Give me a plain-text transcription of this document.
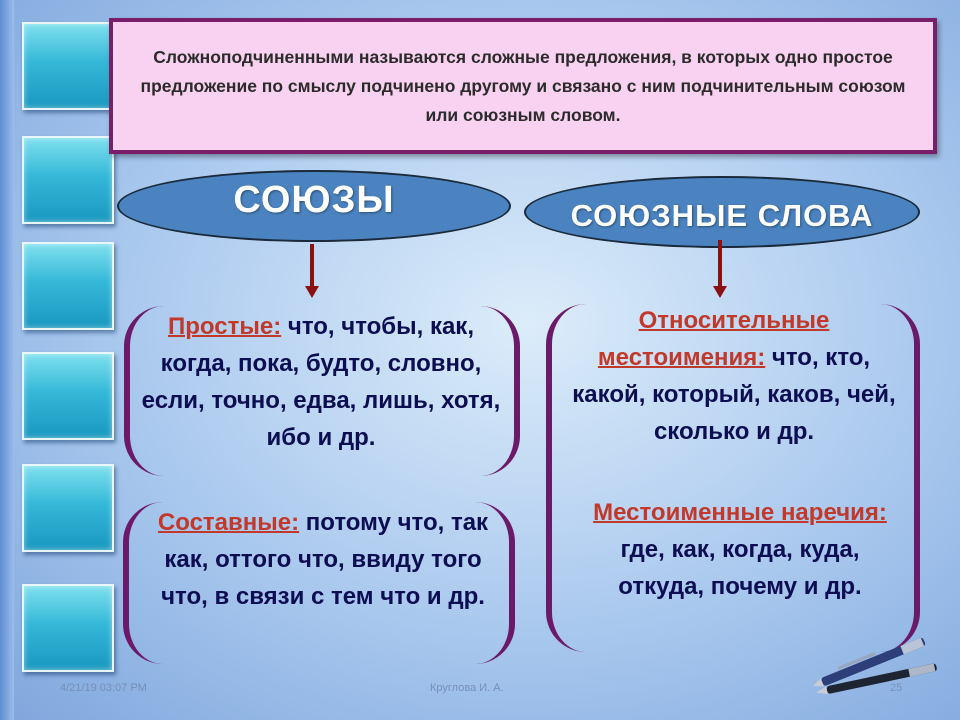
Сложноподчиненными называются сложные предложения, в которых одно простое предложение по смыслу подчинено другому и связано с ним подчинительным союзом или союзным словом.
СОЮЗЫ	СОЮЗНЫЕ СЛОВА
Простые: что, чтобы, как, когда, пока, будто, словно, если, точно, едва, лишь, хотя, ибо и др.
Составные: потому что, так как, оттого что, ввиду того что, в связи с тем что и др.
Относительные местоимения: что, кто, какой, который, каков, чей, сколько и др.
Местоименные наречия: где, как, когда, куда, откуда, почему и др.
4/21/19 03:07 PM	Круглова И. А.	25
